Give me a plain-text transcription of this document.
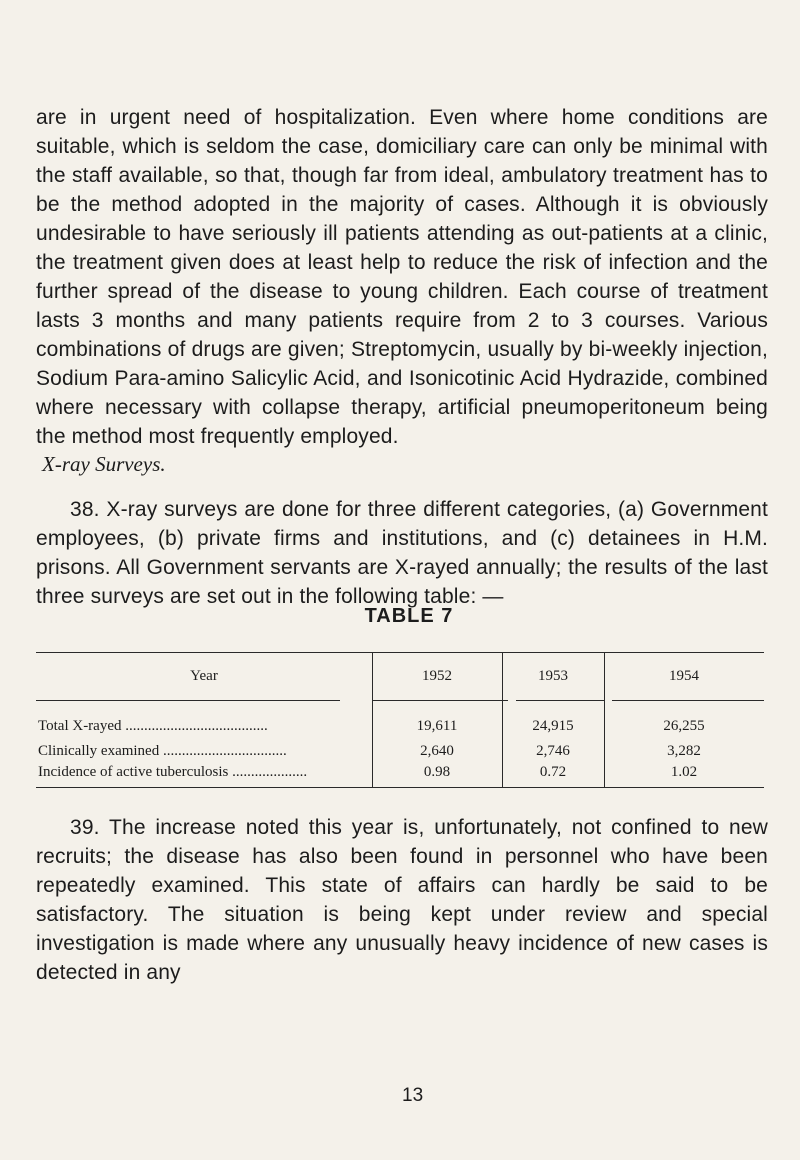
are in urgent need of hospitalization. Even where home conditions are suitable, which is seldom the case, domiciliary care can only be minimal with the staff available, so that, though far from ideal, ambulatory treatment has to be the method adopted in the majority of cases. Although it is obviously undesirable to have seriously ill patients attending as out-patients at a clinic, the treatment given does at least help to reduce the risk of infection and the further spread of the disease to young children. Each course of treatment lasts 3 months and many patients require from 2 to 3 courses. Various combinations of drugs are given; Streptomycin, usually by bi-weekly injection, Sodium Para-amino Salicylic Acid, and Isonicotinic Acid Hydrazide, combined where necessary with collapse therapy, artificial pneumoperitoneum being the method most frequently employed.

X-ray Surveys.

38. X-ray surveys are done for three different categories, (a) Government employees, (b) private firms and institutions, and (c) detainees in H.M. prisons. All Government servants are X-rayed annually; the results of the last three surveys are set out in the following table: —

TABLE 7
Year	1952	1953	1954
Total X-rayed ......................................	19,611	24,915	26,255
Clinically examined .................................	2,640	2,746	3,282
Incidence of active tuberculosis ....................	0.98	0.72	1.02

39. The increase noted this year is, unfortunately, not confined to new recruits; the disease has also been found in personnel who have been repeatedly examined. This state of affairs can hardly be said to be satisfactory. The situation is being kept under review and special investigation is made where any unusually heavy incidence of new cases is detected in any

13
